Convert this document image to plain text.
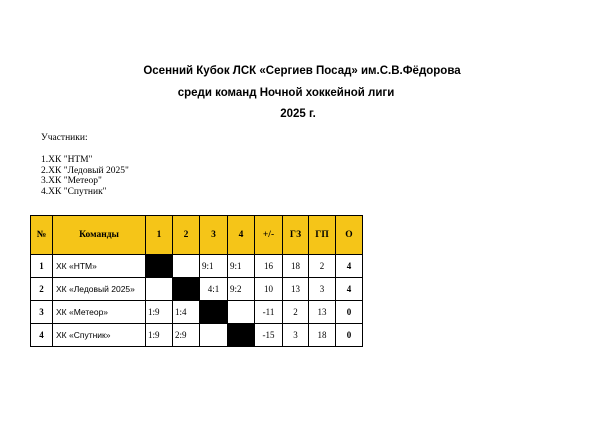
Осенний Кубок ЛСК «Сергиев Посад» им.С.В.Фёдорова
среди команд Ночной хоккейной лиги
2025 г.
Участники:
1.ХК "НТМ"
2.ХК "Ледовый 2025"
3.ХК "Метеор"
4.ХК "Спутник"
№	Команды	1	2	3	4	+/-	ГЗ	ГП	О
1	ХК «НТМ»			9:1	9:1	16	18	2	4
2	ХК «Ледовый 2025»			4:1	9:2	10	13	3	4
3	ХК «Метеор»	1:9	1:4			-11	2	13	0
4	ХК «Спутник»	1:9	2:9			-15	3	18	0
